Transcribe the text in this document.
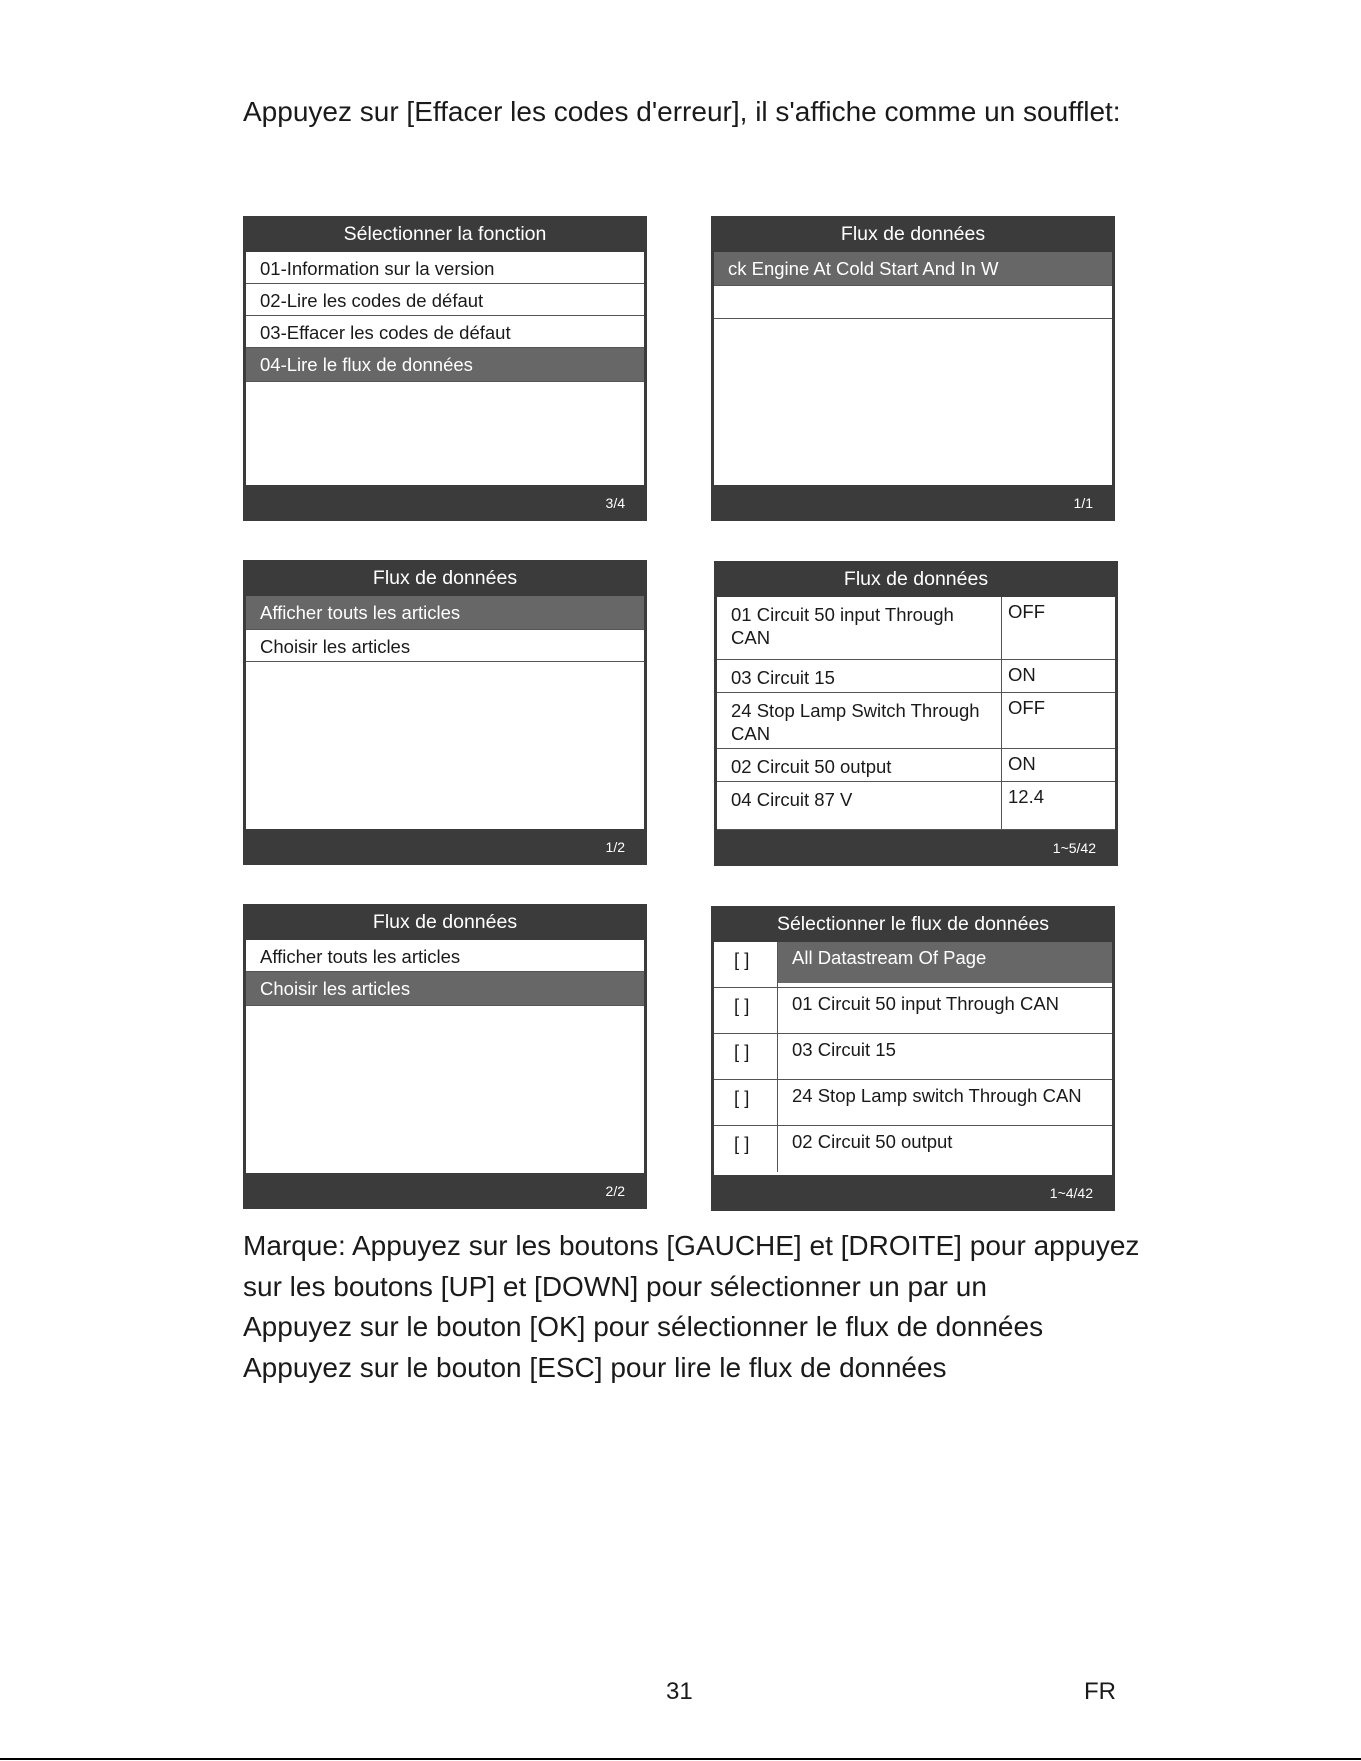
Appuyez sur [Effacer les codes d'erreur], il s'affiche comme un soufflet:

Sélectionner la fonction
01-Information sur la version
02-Lire les codes de défaut
03-Effacer les codes de défaut
04-Lire le flux de données
3/4
Flux de données
ck Engine At Cold Start And In W
1/1
Flux de données
Afficher touts les articles
Choisir les articles
1/2
Flux de données
01 Circuit 50 input Through CAN	OFF
03 Circuit 15	ON
24 Stop Lamp Switch Through CAN	OFF
02 Circuit 50 output	ON
04 Circuit 87 V	12.4
1~5/42
Flux de données
Afficher touts les articles
Choisir les articles
2/2
Sélectionner le flux de données
[ ]	All Datastream Of Page
[ ]	01 Circuit 50 input Through CAN
[ ]	03 Circuit 15
[ ]	24 Stop Lamp switch Through CAN
[ ]	02 Circuit 50 output
1~4/42

Marque: Appuyez sur les boutons [GAUCHE] et [DROITE] pour appuyez sur les boutons [UP] et [DOWN] pour sélectionner un par un

Appuyez sur le bouton [OK] pour sélectionner le flux de données

Appuyez sur le bouton [ESC] pour lire le flux de données

31	FR
